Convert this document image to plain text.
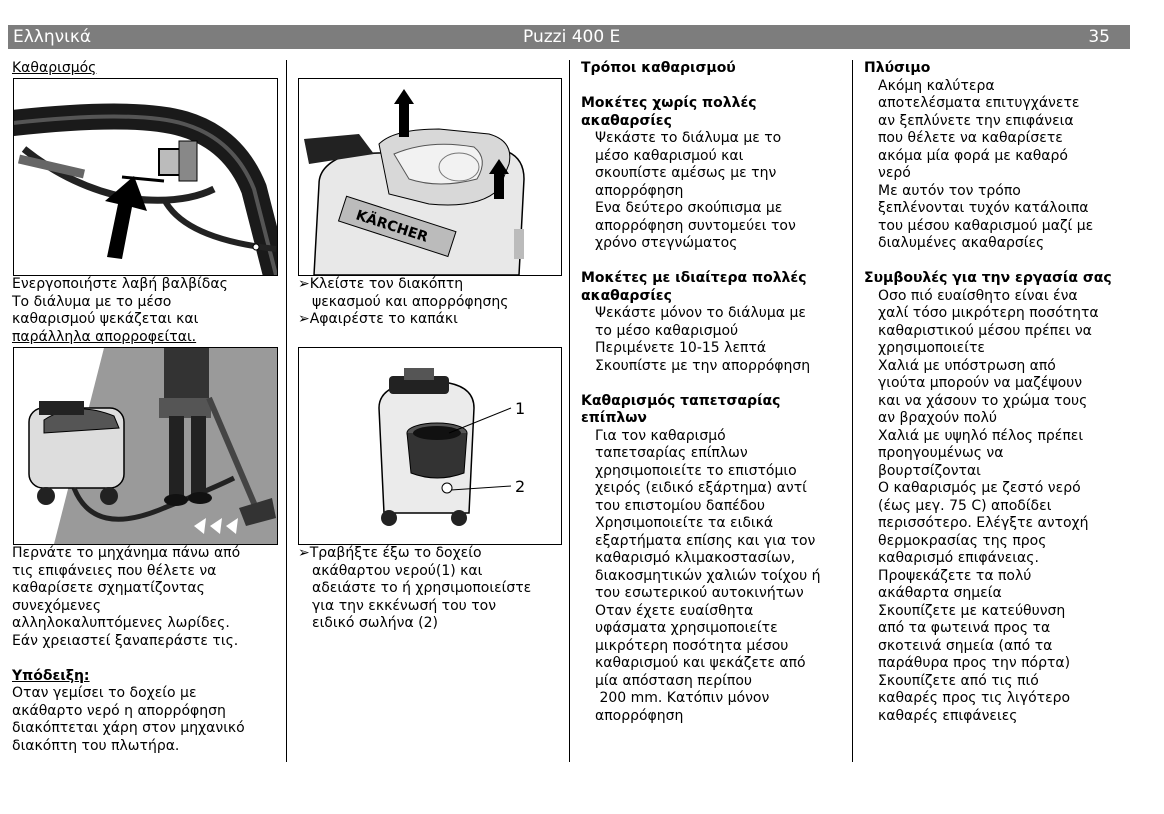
Ελληνικά	Puzzi 400 E	35
Καθαρισμός
Ενεργοποιήστε λαβή βαλβίδας
Το διάλυμα με το μέσο
καθαρισμού ψεκάζεται και
παράλληλα απορροφείται.
Περνάτε το μηχάνημα πάνω από
τις επιφάνειες που θέλετε να
καθαρίσετε σχηματίζοντας
συνεχόμενες
αλληλοκαλυπτόμενες λωρίδες.
Εάν χρειαστεί ξαναπεράστε τις.
Υπόδειξη:
Οταν γεμίσει το δοχείο με
ακάθαρτο νερό η απορρόφηση
διακόπτεται χάρη στον μηχανικό
διακόπτη του πλωτήρα.
KÄRCHER
➢Κλείστε τον διακόπτη
ψεκασμού και απορρόφησης
➢Αφαιρέστε το καπάκι
1
2
➢Τραβήξτε έξω το δοχείο
ακάθαρτου νερού(1) και
αδειάστε το ή χρησιμοποιείστε
για την εκκένωσή του τον
ειδικό σωλήνα (2)
Τρόποι καθαρισμού
Μοκέτες χωρίς πολλές
ακαθαρσίες
Ψεκάστε το διάλυμα με το
μέσο καθαρισμού και
σκουπίστε αμέσως με την
απορρόφηση
Ενα δεύτερο σκούπισμα με
απορρόφηση συντομεύει τον
χρόνο στεγνώματος
Μοκέτες με ιδιαίτερα πολλές
ακαθαρσίες
Ψεκάστε μόνον το διάλυμα με
το μέσο καθαρισμού
Περιμένετε 10-15 λεπτά
Σκουπίστε με την απορρόφηση
Καθαρισμός ταπετσαρίας
επίπλων
Για τον καθαρισμό
ταπετσαρίας επίπλων
χρησιμοποιείτε το επιστόμιο
χειρός (ειδικό εξάρτημα) αντί
του επιστομίου δαπέδου
Χρησιμοποιείτε τα ειδικά
εξαρτήματα επίσης και για τον
καθαρισμό κλιμακοστασίων,
διακοσμητικών χαλιών τοίχου ή
του εσωτερικού αυτοκινήτων
Οταν έχετε ευαίσθητα
υφάσματα χρησιμοποιείτε
μικρότερη ποσότητα μέσου
καθαρισμού και ψεκάζετε από
μία απόσταση περίπου
200 mm. Κατόπιν μόνον
απορρόφηση
Πλύσιμο
Ακόμη καλύτερα
αποτελέσματα επιτυγχάνετε
αν ξεπλύνετε την επιφάνεια
που θέλετε να καθαρίσετε
ακόμα μία φορά με καθαρό
νερό
Με αυτόν τον τρόπο
ξεπλένονται τυχόν κατάλοιπα
του μέσου καθαρισμού μαζί με
διαλυμένες ακαθαρσίες
Συμβουλές για την εργασία σας
Οσο πιό ευαίσθητο είναι ένα
χαλί τόσο μικρότερη ποσότητα
καθαριστικού μέσου πρέπει να
χρησιμοποιείτε
Χαλιά με υπόστρωση από
γιούτα μπορούν να μαζέψουν
και να χάσουν το χρώμα τους
αν βραχούν πολύ
Χαλιά με υψηλό πέλος πρέπει
προηγουμένως να
βουρτσίζονται
Ο καθαρισμός με ζεστό νερό
(έως μεγ. 75 C) αποδίδει
περισσότερο. Ελέγξτε αντοχή
θερμοκρασίας της προς
καθαρισμό επιφάνειας.
Προψεκάζετε τα πολύ
ακάθαρτα σημεία
Σκουπίζετε με κατεύθυνση
από τα φωτεινά προς τα
σκοτεινά σημεία (από τα
παράθυρα προς την πόρτα)
Σκουπίζετε από τις πιό
καθαρές προς τις λιγότερο
καθαρές επιφάνειες
